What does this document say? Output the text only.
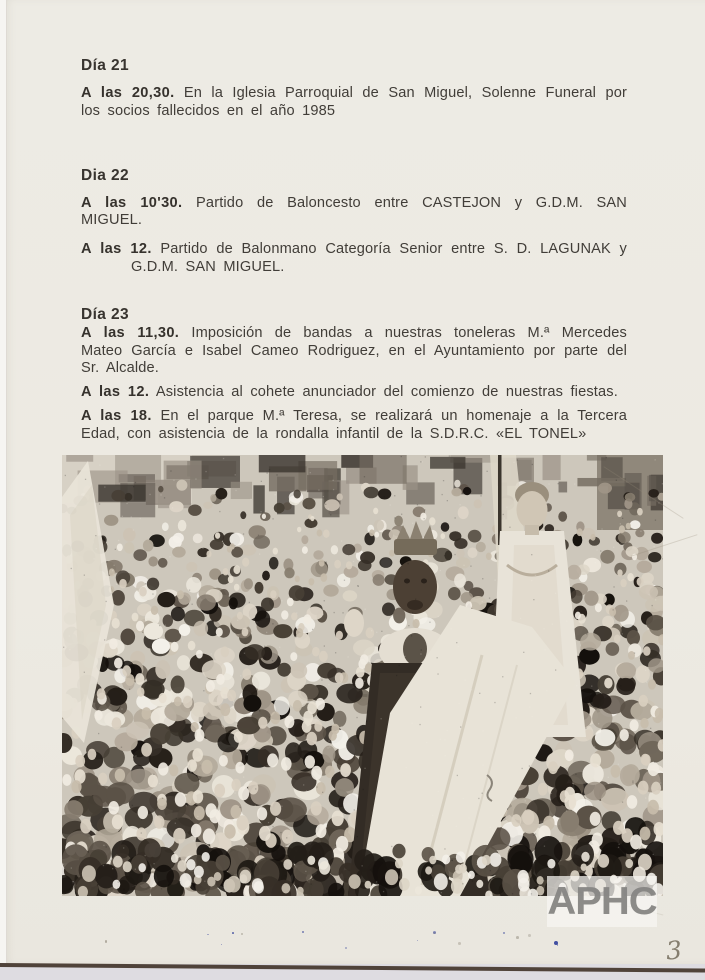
Día 21

A las 20,30. En la Iglesia Parroquial de San Miguel, Solenne Funeral por los socios fallecidos en el año 1985

Dia 22

A las 10'30. Partido de Baloncesto entre CASTEJON y G.D.M. SAN MIGUEL.

A las 12. Partido de Balonmano Categoría Senior entre S. D. LAGUNAK y G.D.M. SAN MIGUEL.

Día 23

A las 11,30. Imposición de bandas a nuestras toneleras M.ª Mercedes Mateo García e Isabel Cameo Rodriguez, en el Ayuntamiento por parte del Sr. Alcalde.

A las 12. Asistencia al cohete anunciador del comienzo de nuestras fiestas.

A las 18. En el parque M.ª Teresa, se realizará un homenaje a la Tercera Edad, con asistencia de la rondalla infantil de la S.D.R.C. «EL TONEL»

APHC
3
